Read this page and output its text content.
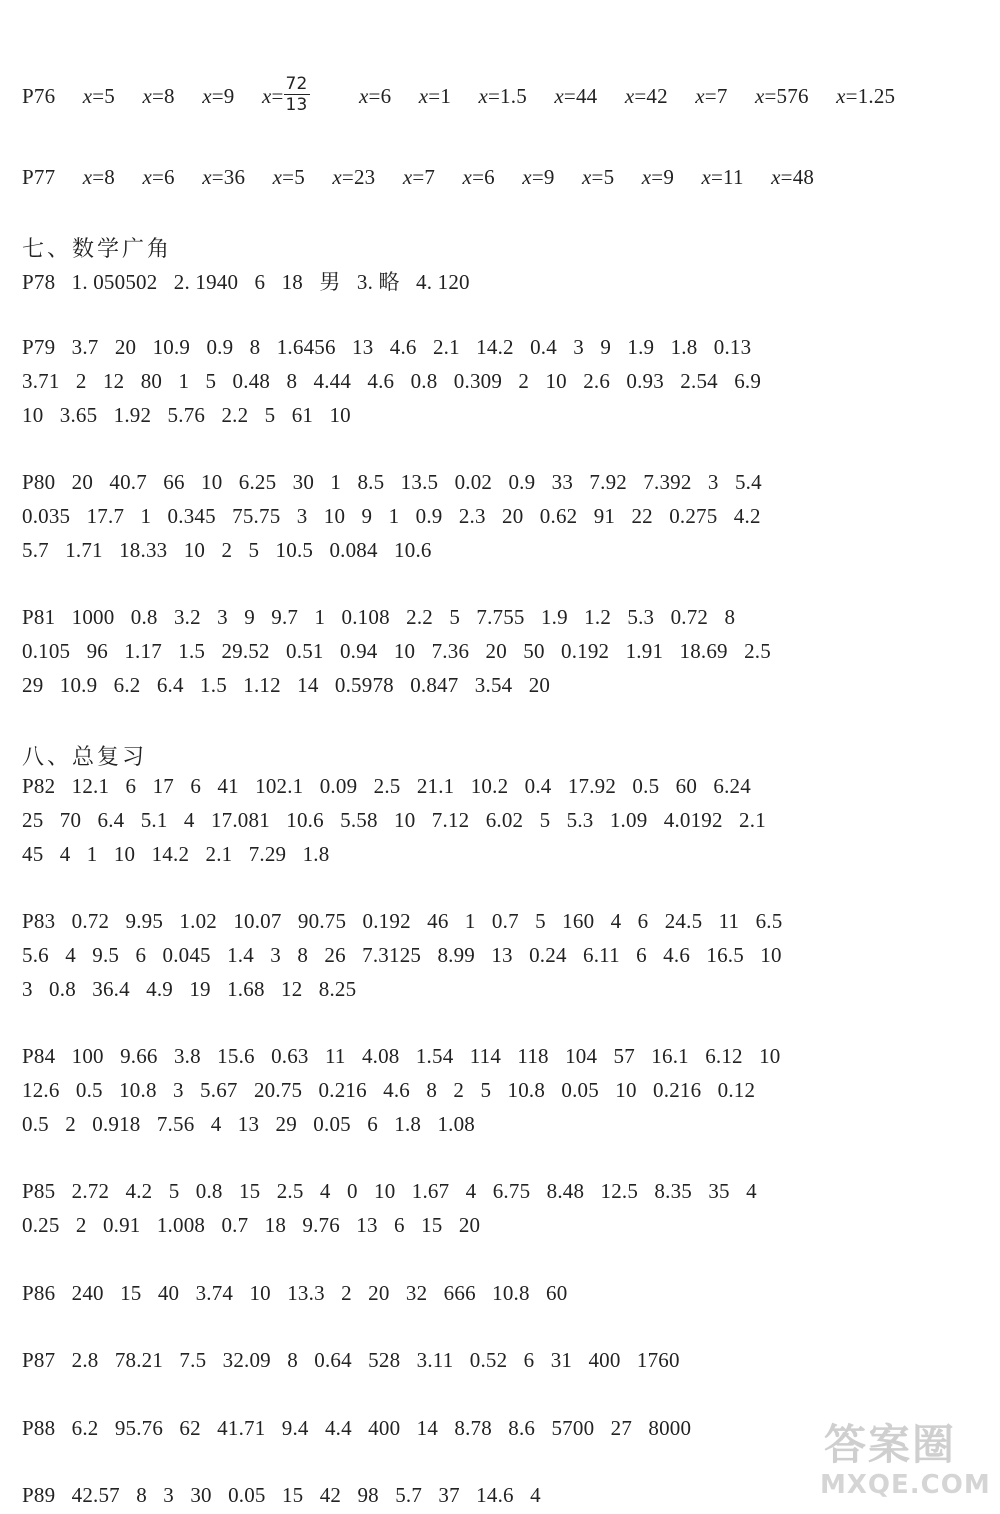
P76 x=5 x=8 x=9 $x= \frac{72}{13} x=6$ x=1 x=1.5 x=44 x=42 x=7 x=576 x=1.25
P77 x=8 x=6 x=36 x=5 x=23 x=7 x=6 x=9 x=5 x=9 x=11 x=48
七、数学广角
P78   1. 050502   2. 1940   6   18   男   3. 略   4. 120
P79   3.7   20   10.9   0.9   8   1.6456   13   4.6   2.1   14.2   0.4   3   9   1.9   1.8   0.13
3.71   2   12   80   1   5   0.48   8   4.44   4.6   0.8   0.309   2   10   2.6   0.93   2.54   6.9
10   3.65   1.92   5.76   2.2   5   61   10
P80   20   40.7   66   10   6.25   30   1   8.5   13.5   0.02   0.9   33   7.92   7.392   3   5.4
0.035   17.7   1   0.345   75.75   3   10   9   1   0.9   2.3   20   0.62   91   22   0.275   4.2
5.7   1.71   18.33   10   2   5   10.5   0.084   10.6
P81   1000   0.8   3.2   3   9   9.7   1   0.108   2.2   5   7.755   1.9   1.2   5.3   0.72   8
0.105   96   1.17   1.5   29.52   0.51   0.94   10   7.36   20   50   0.192   1.91   18.69   2.5
29   10.9   6.2   6.4   1.5   1.12   14   0.5978   0.847   3.54   20
八、总复习
P82   12.1   6   17   6   41   102.1   0.09   2.5   21.1   10.2   0.4   17.92   0.5   60   6.24
25   70   6.4   5.1   4   17.081   10.6   5.58   10   7.12   6.02   5   5.3   1.09   4.0192   2.1
45   4   1   10   14.2   2.1   7.29   1.8
P83   0.72   9.95   1.02   10.07   90.75   0.192   46   1   0.7   5   160   4   6   24.5   11   6.5
5.6   4   9.5   6   0.045   1.4   3   8   26   7.3125   8.99   13   0.24   6.11   6   4.6   16.5   10
3   0.8   36.4   4.9   19   1.68   12   8.25
P84   100   9.66   3.8   15.6   0.63   11   4.08   1.54   114   118   104   57   16.1   6.12   10
12.6   0.5   10.8   3   5.67   20.75   0.216   4.6   8   2   5   10.8   0.05   10   0.216   0.12
0.5   2   0.918   7.56   4   13   29   0.05   6   1.8   1.08
P85   2.72   4.2   5   0.8   15   2.5   4   0   10   1.67   4   6.75   8.48   12.5   8.35   35   4
0.25   2   0.91   1.008   0.7   18   9.76   13   6   15   20
P86   240   15   40   3.74   10   13.3   2   20   32   666   10.8   60
P87   2.8   78.21   7.5   32.09   8   0.64   528   3.11   0.52   6   31   400   1760
P88   6.2   95.76   62   41.71   9.4   4.4   400   14   8.78   8.6   5700   27   8000
P89   42.57   8   3   30   0.05   15   42   98   5.7   37   14.6   4
答案圈
MXQE.COM
